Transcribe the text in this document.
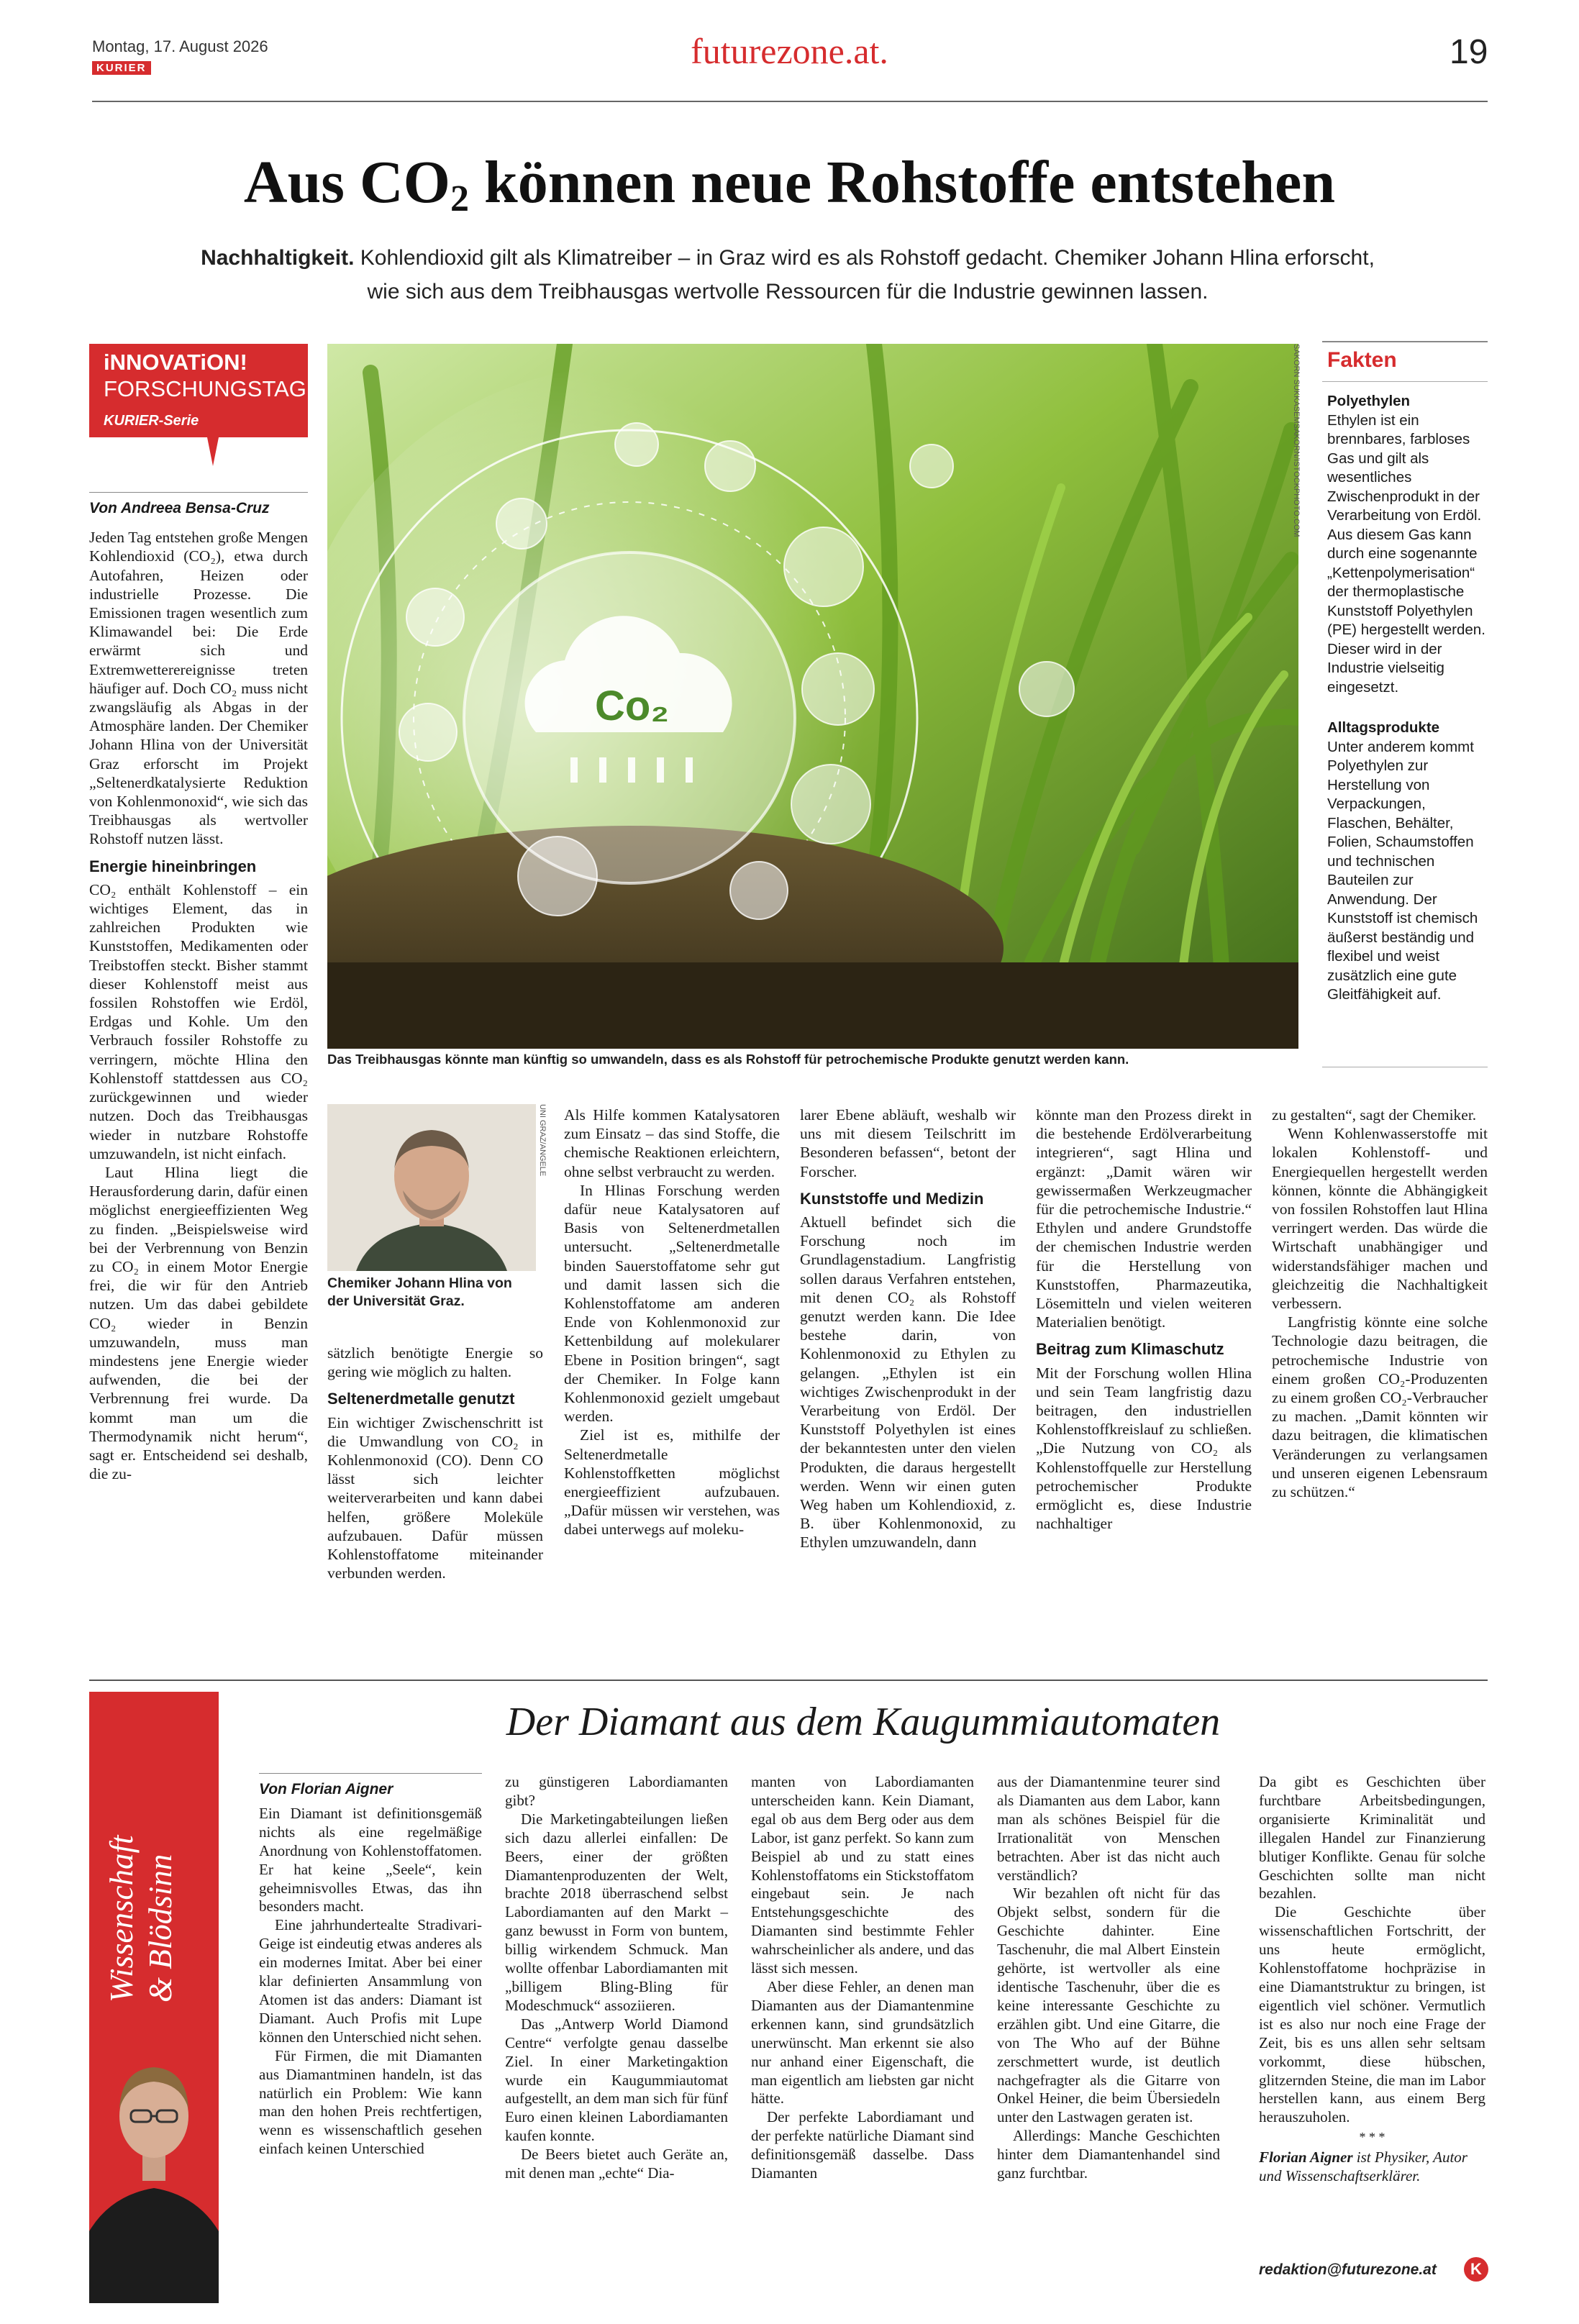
Montag, 17. August 2026
KURIER	futurezone.at.	19
Aus $CO_2$ können neue Rohstoffe entstehen
Nachhaltigkeit. Kohlendioxid gilt als Klimatreiber – in Graz wird es als Rohstoff gedacht. Chemiker Johann Hlina erforscht, wie sich aus dem Treibhausgas wertvolle Ressourcen für die Industrie gewinnen lassen.
iNNOVATiON!
FORSCHUNGSTAG
KURIER-Serie
Co₂
SAKORN SUKKASEMSAKORN/ISTOCKPHOTO.COM
Das Treibhausgas könnte man künftig so umwandeln, dass es als Rohstoff für petrochemische Produkte genutzt werden kann.
Fakten
Polyethylen

Ethylen ist ein brennbares, farbloses Gas und gilt als wesentliches Zwischenprodukt in der Verarbeitung von Erdöl. Aus diesem Gas kann durch eine sogenannte „Kettenpolymerisation“ der thermoplastische Kunststoff Polyethylen (PE) hergestellt werden. Dieser wird in der Industrie vielseitig eingesetzt.

Alltagsprodukte

Unter anderem kommt Polyethylen zur Herstellung von Verpackungen, Flaschen, Behälter, Folien, Schaumstoffen und technischen Bauteilen zur Anwendung. Der Kunststoff ist chemisch äußerst beständig und flexibel und weist zusätzlich eine gute Gleitfähigkeit auf.

Von Andreea Bensa-Cruz

Jeden Tag entstehen große Mengen Kohlendioxid (CO₂), etwa durch Autofahren, Heizen oder industrielle Prozesse. Die Emissionen tragen wesentlich zum Klimawandel bei: Die Erde erwärmt sich und Extremwetterereignisse treten häufiger auf. Doch CO₂ muss nicht zwangsläufig als Abgas in der Atmosphäre landen. Der Chemiker Johann Hlina von der Universität Graz erforscht im Projekt „Seltenerdkatalysierte Reduktion von Kohlenmonoxid“, wie sich das Treibhausgas als wertvoller Rohstoff nutzen lässt.

Energie hineinbringen

CO₂ enthält Kohlenstoff – ein wichtiges Element, das in zahlreichen Produkten wie Kunststoffen, Medikamenten oder Treibstoffen steckt. Bisher stammt dieser Kohlenstoff meist aus fossilen Rohstoffen wie Erdöl, Erdgas und Kohle. Um den Verbrauch fossiler Rohstoffe zu verringern, möchte Hlina den Kohlenstoff stattdessen aus CO₂ zurückgewinnen und wieder nutzen. Doch das Treibhausgas wieder in nutzbare Rohstoffe umzuwandeln, ist nicht einfach.

Laut Hlina liegt die Herausforderung darin, dafür einen möglichst energieeffizienten Weg zu finden. „Beispielsweise wird bei der Verbrennung von Benzin zu CO₂ in einem Motor Energie frei, die wir für den Antrieb nutzen. Um das dabei gebildete CO₂ wieder in Benzin umzuwandeln, muss man mindestens jene Energie wieder aufwenden, die bei der Verbrennung frei wurde. Da kommt man um die Thermodynamik nicht herum“, sagt er. Entscheidend sei deshalb, die zu-

UNI GRAZ/ANGELE
Chemiker Johann Hlina von der Universität Graz.

sätzlich benötigte Energie so gering wie möglich zu halten.

Seltenerdmetalle genutzt

Ein wichtiger Zwischenschritt ist die Umwandlung von CO₂ in Kohlenmonoxid (CO). Denn CO lässt sich leichter weiterverarbeiten und kann dabei helfen, größere Moleküle aufzubauen. Dafür müssen Kohlenstoffatome miteinander verbunden werden.

Als Hilfe kommen Katalysatoren zum Einsatz – das sind Stoffe, die chemische Reaktionen erleichtern, ohne selbst verbraucht zu werden.

In Hlinas Forschung werden dafür neue Katalysatoren auf Basis von Seltenerdmetallen untersucht. „Seltenerdmetalle binden Sauerstoffatome sehr gut und damit lassen sich die Kohlenstoffatome am anderen Ende von Kohlenmonoxid zur Kettenbildung auf molekularer Ebene in Position bringen“, sagt der Chemiker. In Folge kann Kohlenmonoxid gezielt umgebaut werden.

Ziel ist es, mithilfe der Seltenerdmetalle Kohlenstoffketten möglichst energieeffizient aufzubauen. „Dafür müssen wir verstehen, was dabei unterwegs auf moleku-

larer Ebene abläuft, weshalb wir uns mit diesem Teilschritt im Besonderen befassen“, betont der Forscher.

Kunststoffe und Medizin

Aktuell befindet sich die Forschung noch im Grundlagenstadium. Langfristig sollen daraus Verfahren entstehen, mit denen CO₂ als Rohstoff genutzt werden kann. Die Idee bestehe darin, von Kohlenmonoxid zu Ethylen zu gelangen. „Ethylen ist ein wichtiges Zwischenprodukt in der Verarbeitung von Erdöl. Der Kunststoff Polyethylen ist eines der bekanntesten unter den vielen Produkten, die daraus hergestellt werden. Wenn wir einen guten Weg haben um Kohlendioxid, z. B. über Kohlenmonoxid, zu Ethylen umzuwandeln, dann

könnte man den Prozess direkt in die bestehende Erdölverarbeitung integrieren“, sagt Hlina und ergänzt: „Damit wären wir gewissermaßen Werkzeugmacher für die petrochemische Industrie.“ Ethylen und andere Grundstoffe der chemischen Industrie werden für die Herstellung von Kunststoffen, Pharmazeutika, Lösemitteln und vielen weiteren Materialien benötigt.

Beitrag zum Klimaschutz

Mit der Forschung wollen Hlina und sein Team langfristig dazu beitragen, den industriellen Kohlenstoffkreislauf zu schließen. „Die Nutzung von CO₂ als Kohlenstoffquelle zur Herstellung petrochemischer Produkte ermöglicht es, diese Industrie nachhaltiger

zu gestalten“, sagt der Chemiker.

Wenn Kohlenwasserstoffe mit lokalen Kohlenstoff- und Energiequellen hergestellt werden können, könnte die Abhängigkeit von fossilen Rohstoffen laut Hlina verringert werden. Das würde die Wirtschaft unabhängiger und widerstandsfähiger machen und gleichzeitig die Nachhaltigkeit verbessern.

Langfristig könnte eine solche Technologie dazu beitragen, die petrochemische Industrie von einem großen CO₂-Produzenten zu einem großen CO₂-Verbraucher zu machen. „Damit könnten wir dazu beitragen, die klimatischen Veränderungen zu verlangsamen und unseren eigenen Lebensraum zu schützen.“

Wissenschaft
& Blödsinn
Der Diamant aus dem Kaugummiautomaten
Von Florian Aigner

Ein Diamant ist definitionsgemäß nichts als eine regelmäßige Anordnung von Kohlenstoffatomen. Er hat keine „Seele“, kein geheimnisvolles Etwas, das ihn besonders macht.

Eine jahrhundertealte Stradivari-Geige ist eindeutig etwas anderes als ein modernes Imitat. Aber bei einer klar definierten Ansammlung von Atomen ist das anders: Diamant ist Diamant. Auch Profis mit Lupe können den Unterschied nicht sehen.

Für Firmen, die mit Diamanten aus Diamantminen handeln, ist das natürlich ein Problem: Wie kann man den hohen Preis rechtfertigen, wenn es wissenschaftlich gesehen einfach keinen Unterschied

zu günstigeren Labordiamanten gibt?

Die Marketingabteilungen ließen sich dazu allerlei einfallen: De Beers, einer der größten Diamantenproduzenten der Welt, brachte 2018 überraschend selbst Labordiamanten auf den Markt – ganz bewusst in Form von buntem, billig wirkendem Schmuck. Man wollte offenbar Labordiamanten mit „billigem Bling-Bling für Modeschmuck“ assoziieren.

Das „Antwerp World Diamond Centre“ verfolgte genau dasselbe Ziel. In einer Marketingaktion wurde ein Kaugummiautomat aufgestellt, an dem man sich für fünf Euro einen kleinen Labordiamanten kaufen konnte.

De Beers bietet auch Geräte an, mit denen man „echte“ Dia-

manten von Labordiamanten unterscheiden kann. Kein Diamant, egal ob aus dem Berg oder aus dem Labor, ist ganz perfekt. So kann zum Beispiel ab und zu statt eines Kohlenstoffatoms ein Stickstoffatom eingebaut sein. Je nach Entstehungsgeschichte des Diamanten sind bestimmte Fehler wahrscheinlicher als andere, und das lässt sich messen.

Aber diese Fehler, an denen man Diamanten aus der Diamantenmine erkennen kann, sind grundsätzlich unerwünscht. Man erkennt sie also nur anhand einer Eigenschaft, die man eigentlich am liebsten gar nicht hätte.

Der perfekte Labordiamant und der perfekte natürliche Diamant sind definitionsgemäß dasselbe. Dass Diamanten

aus der Diamantenmine teurer sind als Diamanten aus dem Labor, kann man als schönes Beispiel für die Irrationalität von Menschen betrachten. Aber ist das nicht auch verständlich?

Wir bezahlen oft nicht für das Objekt selbst, sondern für die Geschichte dahinter. Eine Taschenuhr, die mal Albert Einstein gehörte, ist wertvoller als eine identische Taschenuhr, über die es keine interessante Geschichte zu erzählen gibt. Und eine Gitarre, die von The Who auf der Bühne zerschmettert wurde, ist deutlich nachgefragter als die Gitarre von Onkel Heiner, die beim Übersiedeln unter den Lastwagen geraten ist.

Allerdings: Manche Geschichten hinter dem Diamantenhandel sind ganz furchtbar.

Da gibt es Geschichten über furchtbare Arbeitsbedingungen, organisierte Kriminalität und illegalen Handel zur Finanzierung blutiger Konflikte. Genau für solche Geschichten sollte man nicht bezahlen.

Die Geschichte über wissenschaftlichen Fortschritt, der uns heute ermöglicht, Kohlenstoffatome hochpräzise in eine Diamantstruktur zu bringen, ist eigentlich viel schöner. Vermutlich ist es also nur noch eine Frage der Zeit, bis es uns allen sehr seltsam vorkommt, diese hübschen, glitzernden Steine, die man im Labor herstellen kann, aus einem Berg herauszuholen.

* * *
Florian Aigner ist Physiker, Autor und Wissenschaftserklärer.
redaktion@futurezone.at	K
